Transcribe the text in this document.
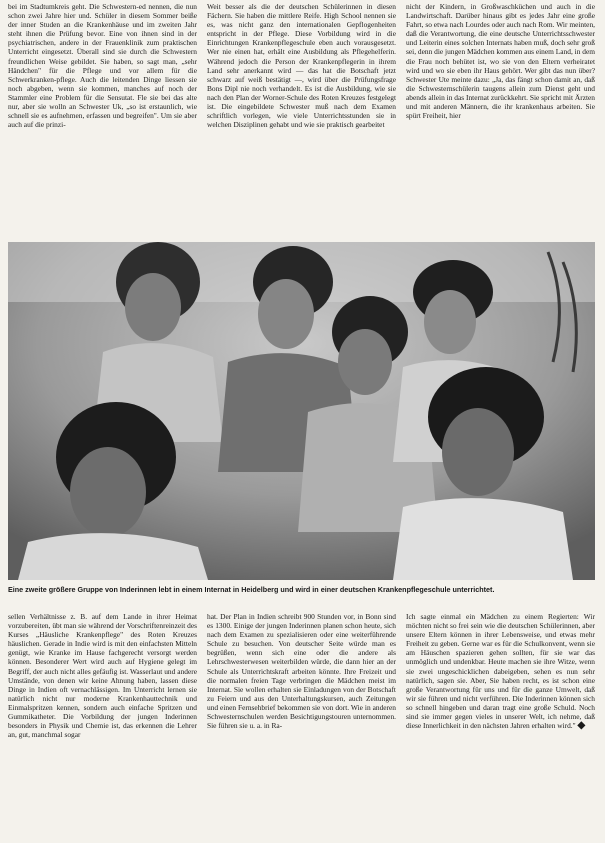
bei im Stadtumkreis geht. Die Schwestern-ed nennen, die nun schon zwei Jahre hier und. Schüler in diesem Sommer beiße der inner Studen an die Krankenhäuse und im zweiten Jahr steht ihnen die Prüfung bevor. Eine von ihnen sind in der psychiatrischen, andere in der Frauenklinik zum praktischen Unterricht eingesetzt. Überall sind sie durch die Schwestern freundlichen Weise gebildet. Sie haben, so sagt man, „sehr Händchen" für die Pflege und vor allem für die Schwerkranken-pflege. Auch die leitenden Dinge liessen sie noch abgeben, wenn sie kommen, manches auf noch der Stammler eine Problem für die Sensutat. Fle sie bei das alte nur, aber sie wolln an Schwester Uk, „so ist erstaunlich, wie schnell sie es aufnehmen, erfassen und begreifen". Um sie aber auch auf die prinzi-

Weit besser als die der deutschen Schülerinnen in diesen Fächern. Sie haben die mittlere Reife. High School nennen sie es, was nicht ganz den internationalen Gepflogenheiten entspricht in der Pflege. Diese Vorbildung wird in die Einrichtungen Krankenpflegeschule eben auch vorausgesetzt. Wer nie einen hat, erhält eine Ausbildung als Pflegehelferin. Während jedoch die Person der Krankenpflegerin in ihrem Land sehr anerkannt wird — das hat die Botschaft jetzt schwarz auf weiß bestätigt —, wird über die Prüfungsfrage Bons Dipl nie noch verhandelt. Es ist die Ausbildung, wie sie nach den Plan der Worner-Schule des Roten Kreuzes festgelegt ist. Die eingebildete Schwester muß nach dem Examen schriftlich vorlegen, wie viele Unterrichtsstunden sie in welchen Disziplinen gehabt und wie sie praktisch gearbeitet

nicht der Kindern, in Großwaschküchen und auch in die Landwirtschaft. Darüber hinaus gibt es jedes Jahr eine große Fahrt, so etwa nach Lourdes oder auch nach Rom. Wir meinten, daß die Verantwortung, die eine deutsche Unterrichtsschwester und Leiterin eines solchen Internats haben muß, doch sehr groß sei, denn die jungen Mädchen kommen aus einem Land, in dem die Frau noch behütet ist, wo sie von den Eltern verheiratet wird und wo sie eben ihr Haus gehört. Wer gibt das nun über? Schwester Ute meinte dazu: „Ja, das fängt schon damit an, daß die Schwesternschülerin taugens allein zum Dienst geht und abends allein in das Internat zurückkehrt. Sie spricht mit Ärzten und mit anderen Männern, die ihr krankenhaus arbeiten. Sie spürt Freiheit, hier

Eine zweite größere Gruppe von Inderinnen lebt in einem Internat in Heidelberg und wird in einer deutschen Krankenpflegeschule unterrichtet.

sellen Verhältnisse z. B. auf dem Lande in ihrer Heimat vorzubereiten, übt man sie während der Vorschriftenreinzeit des Kurses „Häusliche Krankenpflege" des Roten Kreuzes häuslichen. Gerade in Indie wird is mit den einfachsten Mitteln genügt, wie Kranke im Hause fachgerecht versorgt werden können. Besonderer Wert wird auch auf Hygiene gelegt im Begriff, der auch nicht alles gefäufig ist. Wasserlaut und andere Umstände, von denen wir keine Ahnung haben, lassen diese Dinge in Indien oft vernachlässigen. Im Unterricht lernen sie natürlich nicht nur moderne Krankenhauttechnik und Einmalspritzen kennen, sondern auch einfache Spritzen und Gummikatheter. Die Vorbildung der jungen Inderinnen besonders in Physik und Chemie ist, das erkennen die Lehrer an, gut, manchmal sogar

hat. Der Plan in Indien schreibt 900 Stunden vor, in Bonn sind es 1300. Einige der jungen Inderinnen planen schon heute, sich nach dem Examen zu spezialisieren oder eine weiterführende Schule zu besuchen. Von deutscher Seite würde man es begrüßen, wenn sich eine oder die andere als Lehrschwesterwesen weiterbilden würde, die dann hier an der Schule als Unterrichtskraft arbeiten könnte. Ihre Freizeit und die normalen freien Tage verbringen die Mädchen meist im Internat. Sie wollen erhalten sie Einladungen von der Botschaft zu Feiern und aus den Unterhaltungskursen, auch Zeitungen und einen Fernsehbrief bekommen sie von dort. Wie in anderen Schwesternschulen werden Besichtigungstouren unternommen. Sie führen sie u. a. in Ra-

Ich sagte einmal ein Mädchen zu einem Regierten: Wir möchten nicht so frei sein wie die deutschen Schülerinnen, aber unsere Eltern können in ihrer Lebensweise, und etwas mehr Freiheit zu geben. Gerne war es für die Schulkonvent, wenn sie am Häuschen spazieren gehen sollten, für sie war das unmöglich und undenkbar. Heute machen sie ihre Witze, wenn sie zwei ungeschicklichen dabeigeben, sehen es nun sehr natürlich, sagen sie. Aber, Sie haben recht, es ist schon eine große Verantwortung für uns und für die ganze Umwelt, daß wir sie führen und nicht verführen. Die Inderinnen können sich so schnell hingeben und daran tragt eine große Schuld. Noch sind sie immer gegen vieles in unserer Welt, ich nehme, daß diese Innerlichkeit in den nächsten Jahren erhalten wird." ◆
